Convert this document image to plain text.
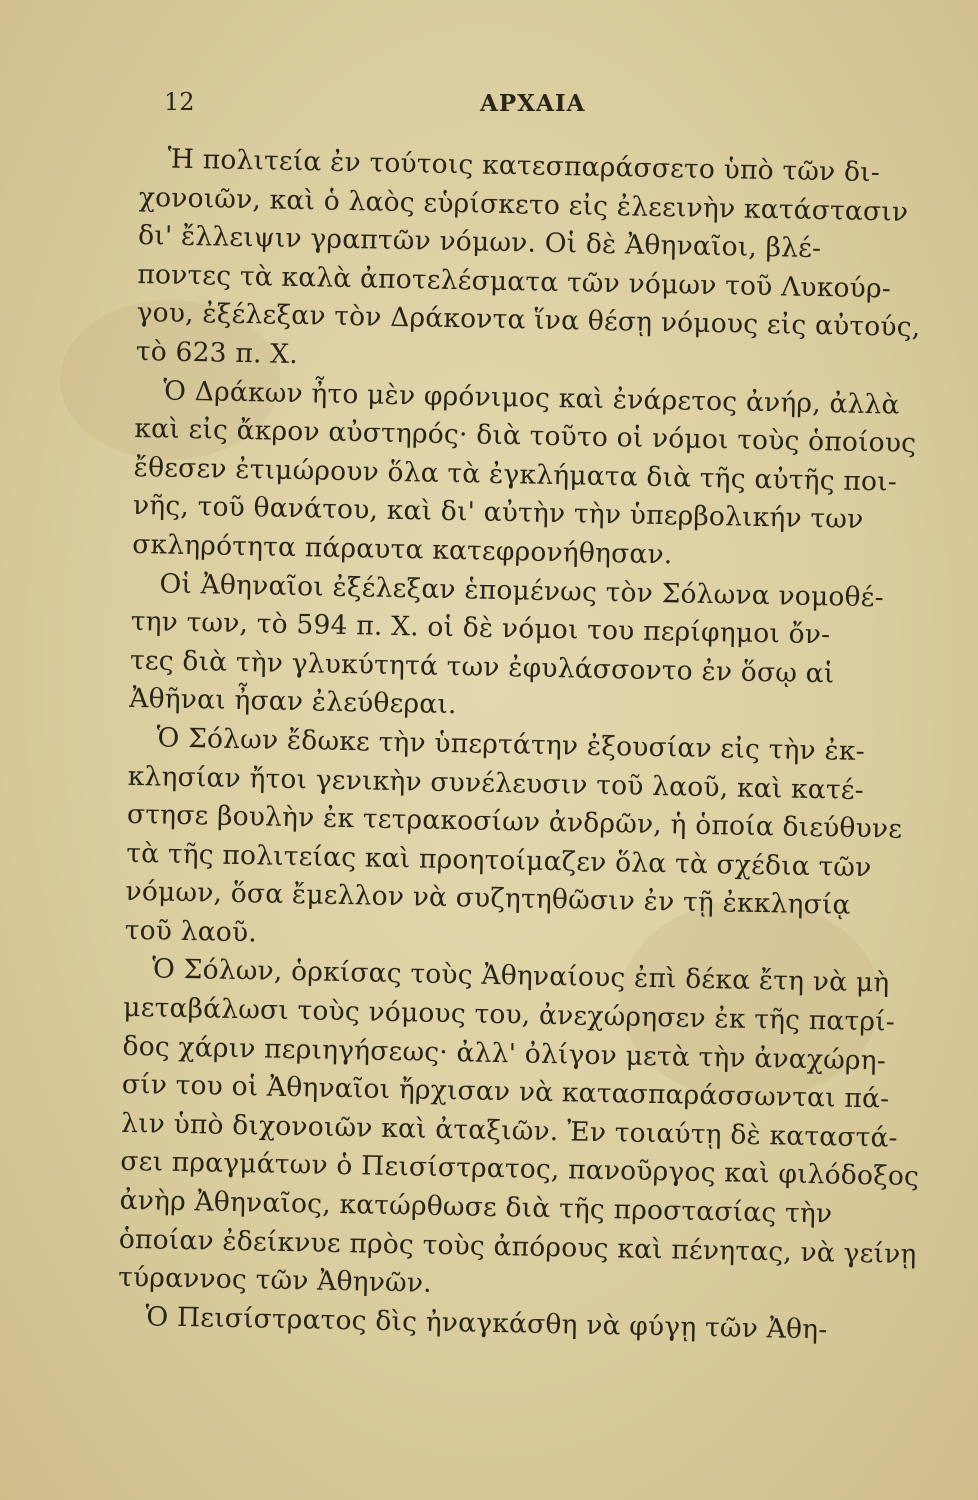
12	ΑΡΧΑΙΑ

Ἡ πολιτεία ἐν τούτοις κατεσπαράσσετο ὑπὸ τῶν δι-
χονοιῶν, καὶ ὁ λαὸς εὑρίσκετο εἰς ἐλεεινὴν κατάστασιν
δι' ἔλλειψιν γραπτῶν νόμων. Οἱ δὲ Ἀθηναῖοι, βλέ-
ποντες τὰ καλὰ ἀποτελέσματα τῶν νόμων τοῦ Λυκούρ-
γου, ἐξέλεξαν τὸν Δράκοντα ἵνα θέσῃ νόμους εἰς αὐτούς,
τὸ 623 π. Χ.

Ὁ Δράκων ἦτο μὲν φρόνιμος καὶ ἐνάρετος ἀνήρ, ἀλλὰ
καὶ εἰς ἄκρον αὐστηρός· διὰ τοῦτο οἱ νόμοι τοὺς ὁποίους
ἔθεσεν ἐτιμώρουν ὅλα τὰ ἐγκλήματα διὰ τῆς αὐτῆς ποι-
νῆς, τοῦ θανάτου, καὶ δι' αὐτὴν τὴν ὑπερβολικήν των
σκληρότητα πάραυτα κατεφρονήθησαν.

Οἱ Ἀθηναῖοι ἐξέλεξαν ἑπομένως τὸν Σόλωνα νομοθέ-
την των, τὸ 594 π. Χ. οἱ δὲ νόμοι του περίφημοι ὄν-
τες διὰ τὴν γλυκύτητά των ἐφυλάσσοντο ἐν ὅσῳ αἱ
Ἀθῆναι ἦσαν ἐλεύθεραι.

Ὁ Σόλων ἔδωκε τὴν ὑπερτάτην ἐξουσίαν εἰς τὴν ἐκ-
κλησίαν ἤτοι γενικὴν συνέλευσιν τοῦ λαοῦ, καὶ κατέ-
στησε βουλὴν ἐκ τετρακοσίων ἀνδρῶν, ἡ ὁποία διεύθυνε
τὰ τῆς πολιτείας καὶ προητοίμαζεν ὅλα τὰ σχέδια τῶν
νόμων, ὅσα ἔμελλον νὰ συζητηθῶσιν ἐν τῇ ἐκκλησίᾳ
τοῦ λαοῦ.

Ὁ Σόλων, ὁρκίσας τοὺς Ἀθηναίους ἐπὶ δέκα ἔτη νὰ μὴ
μεταβάλωσι τοὺς νόμους του, ἀνεχώρησεν ἐκ τῆς πατρί-
δος χάριν περιηγήσεως· ἀλλ' ὀλίγον μετὰ τὴν ἀναχώρη-
σίν του οἱ Ἀθηναῖοι ἤρχισαν νὰ κατασπαράσσωνται πά-
λιν ὑπὸ διχονοιῶν καὶ ἀταξιῶν. Ἐν τοιαύτῃ δὲ καταστά-
σει πραγμάτων ὁ Πεισίστρατος, πανοῦργος καὶ φιλόδοξος
ἀνὴρ Ἀθηναῖος, κατώρθωσε διὰ τῆς προστασίας τὴν
ὁποίαν ἐδείκνυε πρὸς τοὺς ἀπόρους καὶ πένητας, νὰ γείνῃ
τύραννος τῶν Ἀθηνῶν.

Ὁ Πεισίστρατος δὶς ἠναγκάσθη νὰ φύγῃ τῶν Ἀθη-
